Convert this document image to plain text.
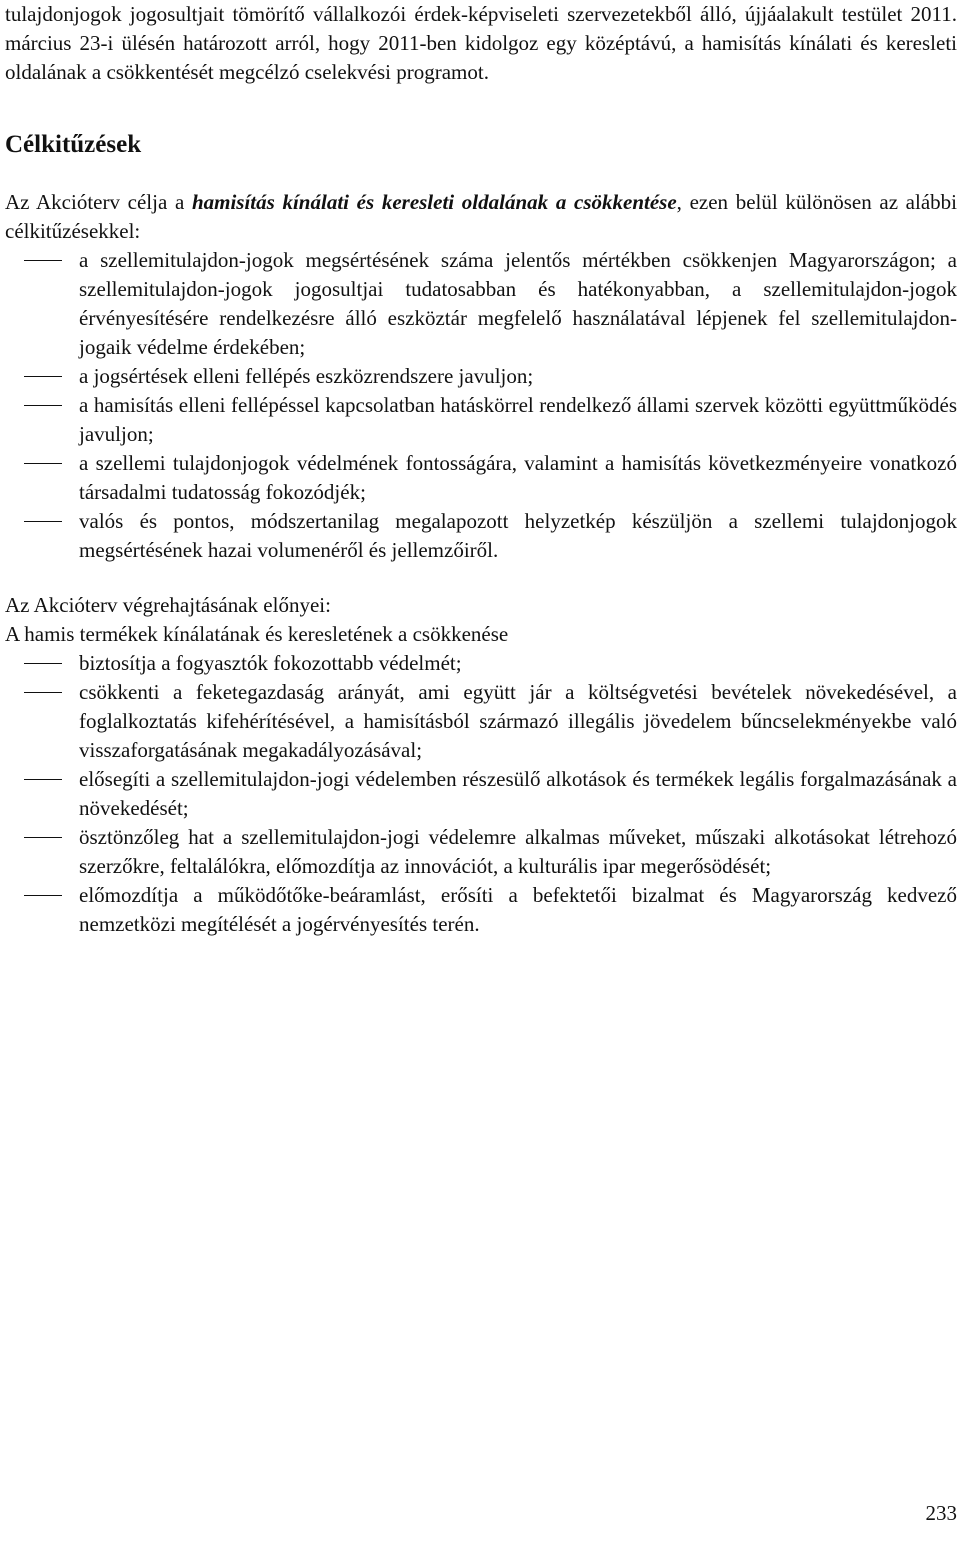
tulajdonjogok jogosultjait tömörítő vállalkozói érdek-képviseleti szervezetekből álló, újjáalakult testület 2011. március 23-i ülésén határozott arról, hogy 2011-ben kidolgoz egy középtávú, a hamisítás kínálati és keresleti oldalának a csökkentését megcélzó cselekvési programot.

Célkitűzések

Az Akcióterv célja a hamisítás kínálati és keresleti oldalának a csökkentése, ezen belül különösen az alábbi célkitűzésekkel:

a szellemitulajdon-jogok megsértésének száma jelentős mértékben csökkenjen Magyarországon; a szellemitulajdon-jogok jogosultjai tudatosabban és hatékonyabban, a szellemitulajdon-jogok érvényesítésére rendelkezésre álló eszköztár megfelelő használatával lépjenek fel szellemitulajdon-jogaik védelme érdekében;
a jogsértések elleni fellépés eszközrendszere javuljon;
a hamisítás elleni fellépéssel kapcsolatban hatáskörrel rendelkező állami szervek közötti együttműködés javuljon;
a szellemi tulajdonjogok védelmének fontosságára, valamint a hamisítás következményeire vonatkozó társadalmi tudatosság fokozódjék;
valós és pontos, módszertanilag megalapozott helyzetkép készüljön a szellemi tulajdonjogok megsértésének hazai volumenéről és jellemzőiről.

Az Akcióterv végrehajtásának előnyei:

A hamis termékek kínálatának és keresletének a csökkenése

biztosítja a fogyasztók fokozottabb védelmét;
csökkenti a feketegazdaság arányát, ami együtt jár a költségvetési bevételek növekedésével, a foglalkoztatás kifehérítésével, a hamisításból származó illegális jövedelem bűncselekményekbe való visszaforgatásának megakadályozásával;
elősegíti a szellemitulajdon-jogi védelemben részesülő alkotások és termékek legális forgalmazásának a növekedését;
ösztönzőleg hat a szellemitulajdon-jogi védelemre alkalmas műveket, műszaki alkotásokat létrehozó szerzőkre, feltalálókra, előmozdítja az innovációt, a kulturális ipar megerősödését;
előmozdítja a működőtőke-beáramlást, erősíti a befektetői bizalmat és Magyarország kedvező nemzetközi megítélését a jogérvényesítés terén.
233
